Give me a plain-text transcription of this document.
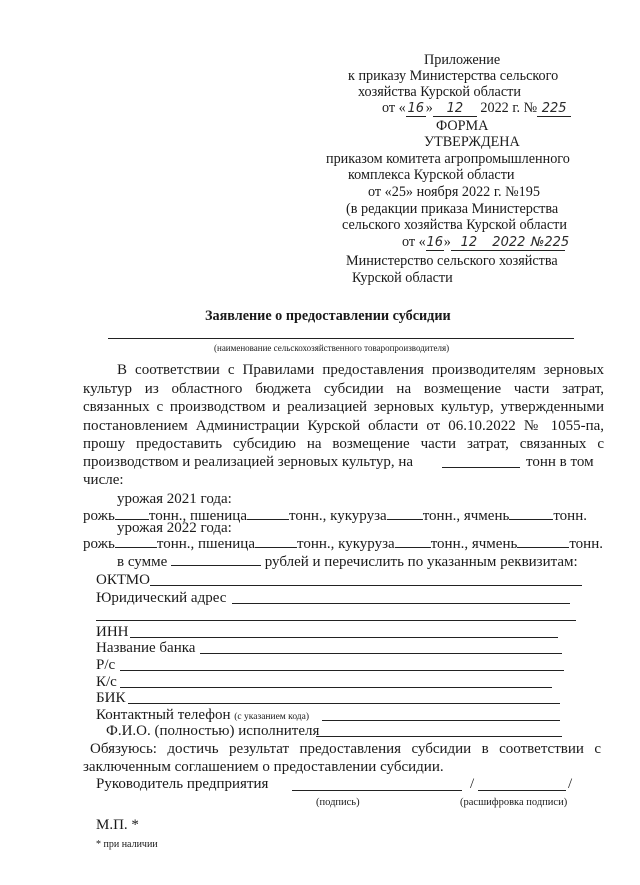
Приложение
к приказу Министерства сельского
хозяйства Курской области
от « 16 » 12 2022 г. № 225
ФОРМА
УТВЕРЖДЕНА
приказом комитета агропромышленного
комплекса Курской области
от «25» ноября 2022 г. №195
(в редакции приказа Министерства
сельского хозяйства Курской области
от «16» 12 2022 №225
Министерство сельского хозяйства
Курской области
Заявление о предоставлении субсидии
(наименование сельскохозяйственного товаропроизводителя)
В соответствии с Правилами предоставления производителям зерновых
культур из областного бюджета субсидии на возмещение части затрат,
связанных с производством и реализацией зерновых культур, утвержденными
постановлением Администрации Курской области от 06.10.2022 № 1055-па,
прошу предоставить субсидию на возмещение части затрат, связанных с
производством и реализацией зерновых культур, на	тонн в том
числе:
урожая 2021 года:
рожь тонн., пшеница	тонн., кукуруза тонн., ячмень	тонн.
урожая 2022 года:
рожь	тонн., пшеница	тонн., кукуруза тонн., ячмень	тонн.
в сумме	рублей и перечислить по указанным реквизитам:
ОКТМО
Юридический адрес
ИНН
Название банка
Р/с
К/с
БИК
Контактный телефон (с указанием кода)
Ф.И.О. (полностью) исполнителя
Обязуюсь: достичь результат предоставления субсидии в соответствии с
заключенным соглашением о предоставлении субсидии.
Руководитель предприятия	/	/
(подпись)	(расшифровка подписи)
М.П. *
* при наличии
